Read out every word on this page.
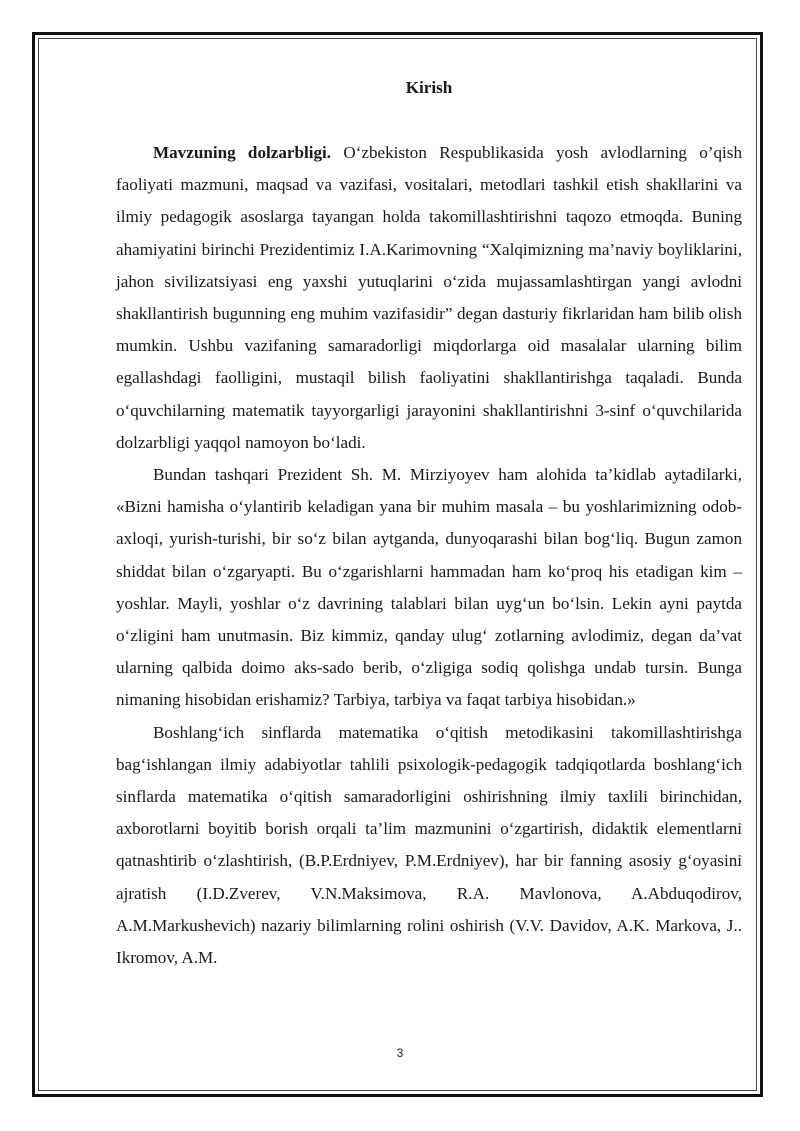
Kirish

Mavzuning dolzarbligi. O‘zbekiston Respublikasida yosh avlodlarning o’qish faoliyati mazmuni, maqsad va vazifasi, vositalari, metodlari tashkil etish shakllarini va ilmiy pedagogik asoslarga tayangan holda takomillashtirishni taqozo etmoqda. Buning ahamiyatini birinchi Prezidentimiz I.A.Karimovning “Xalqimizning ma’naviy boyliklarini, jahon sivilizatsiyasi eng yaxshi yutuqlarini o‘zida mujassamlashtirgan yangi avlodni shakllantirish bugunning eng muhim vazifasidir” degan dasturiy fikrlaridan ham bilib olish mumkin. Ushbu vazifaning samaradorligi miqdorlarga oid masalalar ularning bilim egallashdagi faolligini, mustaqil bilish faoliyatini shakllantirishga taqaladi. Bunda o‘quvchilarning matematik tayyorgarligi jarayonini shakllantirishni 3-sinf o‘quvchilarida dolzarbligi yaqqol namoyon bo‘ladi.

Bundan tashqari Prezident Sh. M. Mirziyoyev ham alohida ta’kidlab aytadilarki, «Bizni hamisha o‘ylantirib keladigan yana bir muhim masala – bu yoshlarimizning odob-axloqi, yurish-turishi, bir so‘z bilan aytganda, dunyoqarashi bilan bog‘liq. Bugun zamon shiddat bilan o‘zgaryapti. Bu o‘zgarishlarni hammadan ham ko‘proq his etadigan kim – yoshlar. Mayli, yoshlar o‘z davrining talablari bilan uyg‘un bo‘lsin. Lekin ayni paytda o‘zligini ham unutmasin. Biz kimmiz, qanday ulug‘ zotlarning avlodimiz, degan da’vat ularning qalbida doimo aks-sado berib, o‘zligiga sodiq qolishga undab tursin. Bunga nimaning hisobidan erishamiz? Tarbiya, tarbiya va faqat tarbiya hisobidan.»

Boshlang‘ich sinflarda matematika o‘qitish metodikasini takomillashtirishga bag‘ishlangan ilmiy adabiyotlar tahlili psixologik-pedagogik tadqiqotlarda boshlang‘ich sinflarda matematika o‘qitish samaradorligini oshirishning ilmiy taxlili birinchidan, axborotlarni boyitib borish orqali ta’lim mazmunini o‘zgartirish, didaktik elementlarni qatnashtirib o‘zlashtirish, (B.P.Erdniyev, P.M.Erdniyev), har bir fanning asosiy g‘oyasini ajratish (I.D.Zverev, V.N.Maksimova, R.A. Mavlonova, A.Abduqodirov, A.M.Markushevich) nazariy bilimlarning rolini oshirish (V.V. Davidov, A.K. Markova, J.. Ikromov, A.M.

3
